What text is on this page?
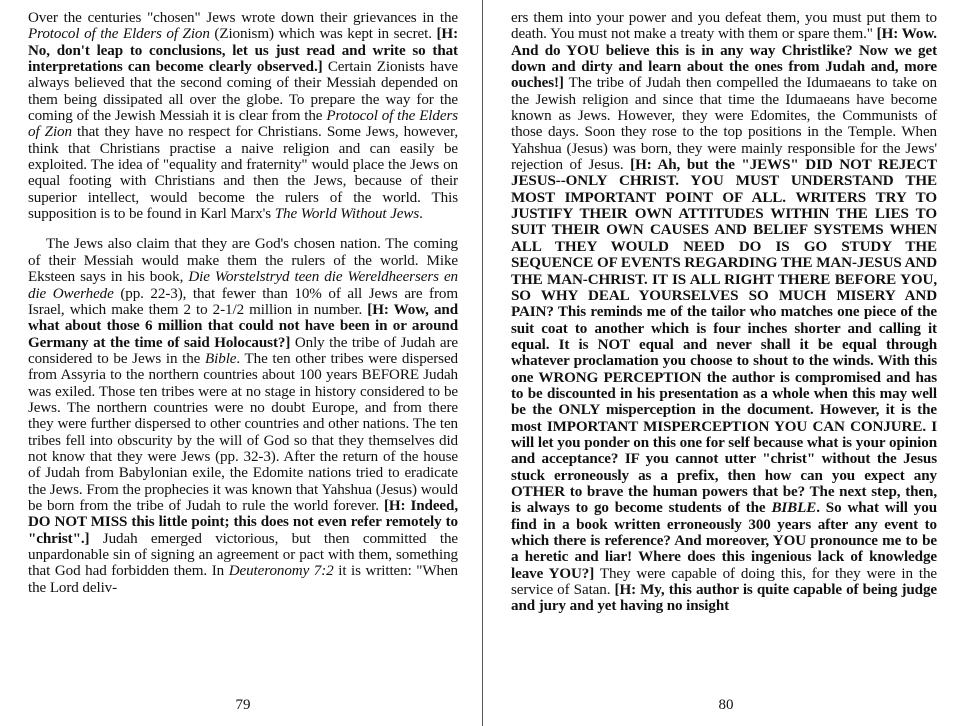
Over the centuries "chosen" Jews wrote down their grievances in the Protocol of the Elders of Zion (Zionism) which was kept in secret. [H: No, don't leap to conclusions, let us just read and write so that interpretations can become clearly observed.] Certain Zionists have always believed that the second coming of their Messiah depended on them being dissipated all over the globe. To prepare the way for the coming of the Jewish Messiah it is clear from the Protocol of the Elders of Zion that they have no respect for Christians. Some Jews, however, think that Christians practise a naive religion and can easily be exploited. The idea of "equality and fraternity" would place the Jews on equal footing with Christians and then the Jews, because of their superior intellect, would become the rulers of the world. This supposition is to be found in Karl Marx's The World Without Jews.

The Jews also claim that they are God's chosen nation. The coming of their Messiah would make them the rulers of the world. Mike Eksteen says in his book, Die Worstelstryd teen die Wereldheersers en die Owerhede (pp. 22-3), that fewer than 10% of all Jews are from Israel, which make them 2 to 2-1/2 million in number. [H: Wow, and what about those 6 million that could not have been in or around Germany at the time of said Holocaust?] Only the tribe of Judah are considered to be Jews in the Bible. The ten other tribes were dispersed from Assyria to the northern countries about 100 years BEFORE Judah was exiled. Those ten tribes were at no stage in history considered to be Jews. The northern countries were no doubt Europe, and from there they were further dispersed to other countries and other nations. The ten tribes fell into obscurity by the will of God so that they themselves did not know that they were Jews (pp. 32-3). After the return of the house of Judah from Babylonian exile, the Edomite nations tried to eradicate the Jews. From the prophecies it was known that Yahshua (Jesus) would be born from the tribe of Judah to rule the world forever. [H: Indeed, DO NOT MISS this little point; this does not even refer remotely to "christ".] Judah emerged victorious, but then committed the unpardonable sin of signing an agreement or pact with them, something that God had forbidden them. In Deuteronomy 7:2 it is written: "When the Lord deliv-

79

ers them into your power and you defeat them, you must put them to death. You must not make a treaty with them or spare them." [H: Wow. And do YOU believe this is in any way Christlike? Now we get down and dirty and learn about the ones from Judah and, more ouches!] The tribe of Judah then compelled the Idumaeans to take on the Jewish religion and since that time the Idumaeans have become known as Jews. However, they were Edomites, the Communists of those days. Soon they rose to the top positions in the Temple. When Yahshua (Jesus) was born, they were mainly responsible for the Jews' rejection of Jesus. [H: Ah, but the "JEWS" DID NOT REJECT JESUS--ONLY CHRIST. YOU MUST UNDERSTAND THE MOST IMPORTANT POINT OF ALL. WRITERS TRY TO JUSTIFY THEIR OWN ATTITUDES WITHIN THE LIES TO SUIT THEIR OWN CAUSES AND BELIEF SYSTEMS WHEN ALL THEY WOULD NEED DO IS GO STUDY THE SEQUENCE OF EVENTS REGARDING THE MAN-JESUS AND THE MAN-CHRIST. IT IS ALL RIGHT THERE BEFORE YOU, SO WHY DEAL YOURSELVES SO MUCH MISERY AND PAIN? This reminds me of the tailor who matches one piece of the suit coat to another which is four inches shorter and calling it equal. It is NOT equal and never shall it be equal through whatever proclamation you choose to shout to the winds. With this one WRONG PERCEPTION the author is compromised and has to be discounted in his presentation as a whole when this may well be the ONLY misperception in the document. However, it is the most IMPORTANT MISPERCEPTION YOU CAN CONJURE. I will let you ponder on this one for self because what is your opinion and acceptance? IF you cannot utter "christ" without the Jesus stuck erroneously as a prefix, then how can you expect any OTHER to brave the human powers that be? The next step, then, is always to go become students of the BIBLE. So what will you find in a book written erroneously 300 years after any event to which there is reference? And moreover, YOU pronounce me to be a heretic and liar! Where does this ingenious lack of knowledge leave YOU?] They were capable of doing this, for they were in the service of Satan. [H: My, this author is quite capable of being judge and jury and yet having no insight

80
